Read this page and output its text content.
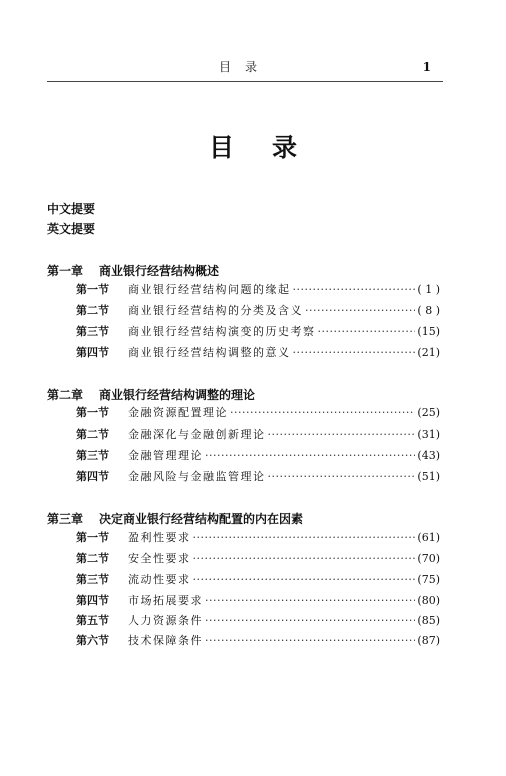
目录	1
目录
中文提要
英文提要
第一章 商业银行经营结构概述
第一节	商业银行经营结构问题的缘起 ·····	( 1 )
第二节	商业银行经营结构的分类及含义 ·····	( 8 )
第三节	商业银行经营结构演变的历史考察 ·····	(15)
第四节	商业银行经营结构调整的意义 ·····	(21)
第二章 商业银行经营结构调整的理论
第一节	金融资源配置理论 ·····	(25)
第二节	金融深化与金融创新理论 ·····	(31)
第三节	金融管理理论 ·····	(43)
第四节	金融风险与金融监管理论 ·····	(51)
第三章 决定商业银行经营结构配置的内在因素
第一节	盈利性要求 ·····	(61)
第二节	安全性要求 ·····	(70)
第三节	流动性要求 ·····	(75)
第四节	市场拓展要求 ·····	(80)
第五节	人力资源条件 ·····	(85)
第六节	技术保障条件 ·····	(87)
